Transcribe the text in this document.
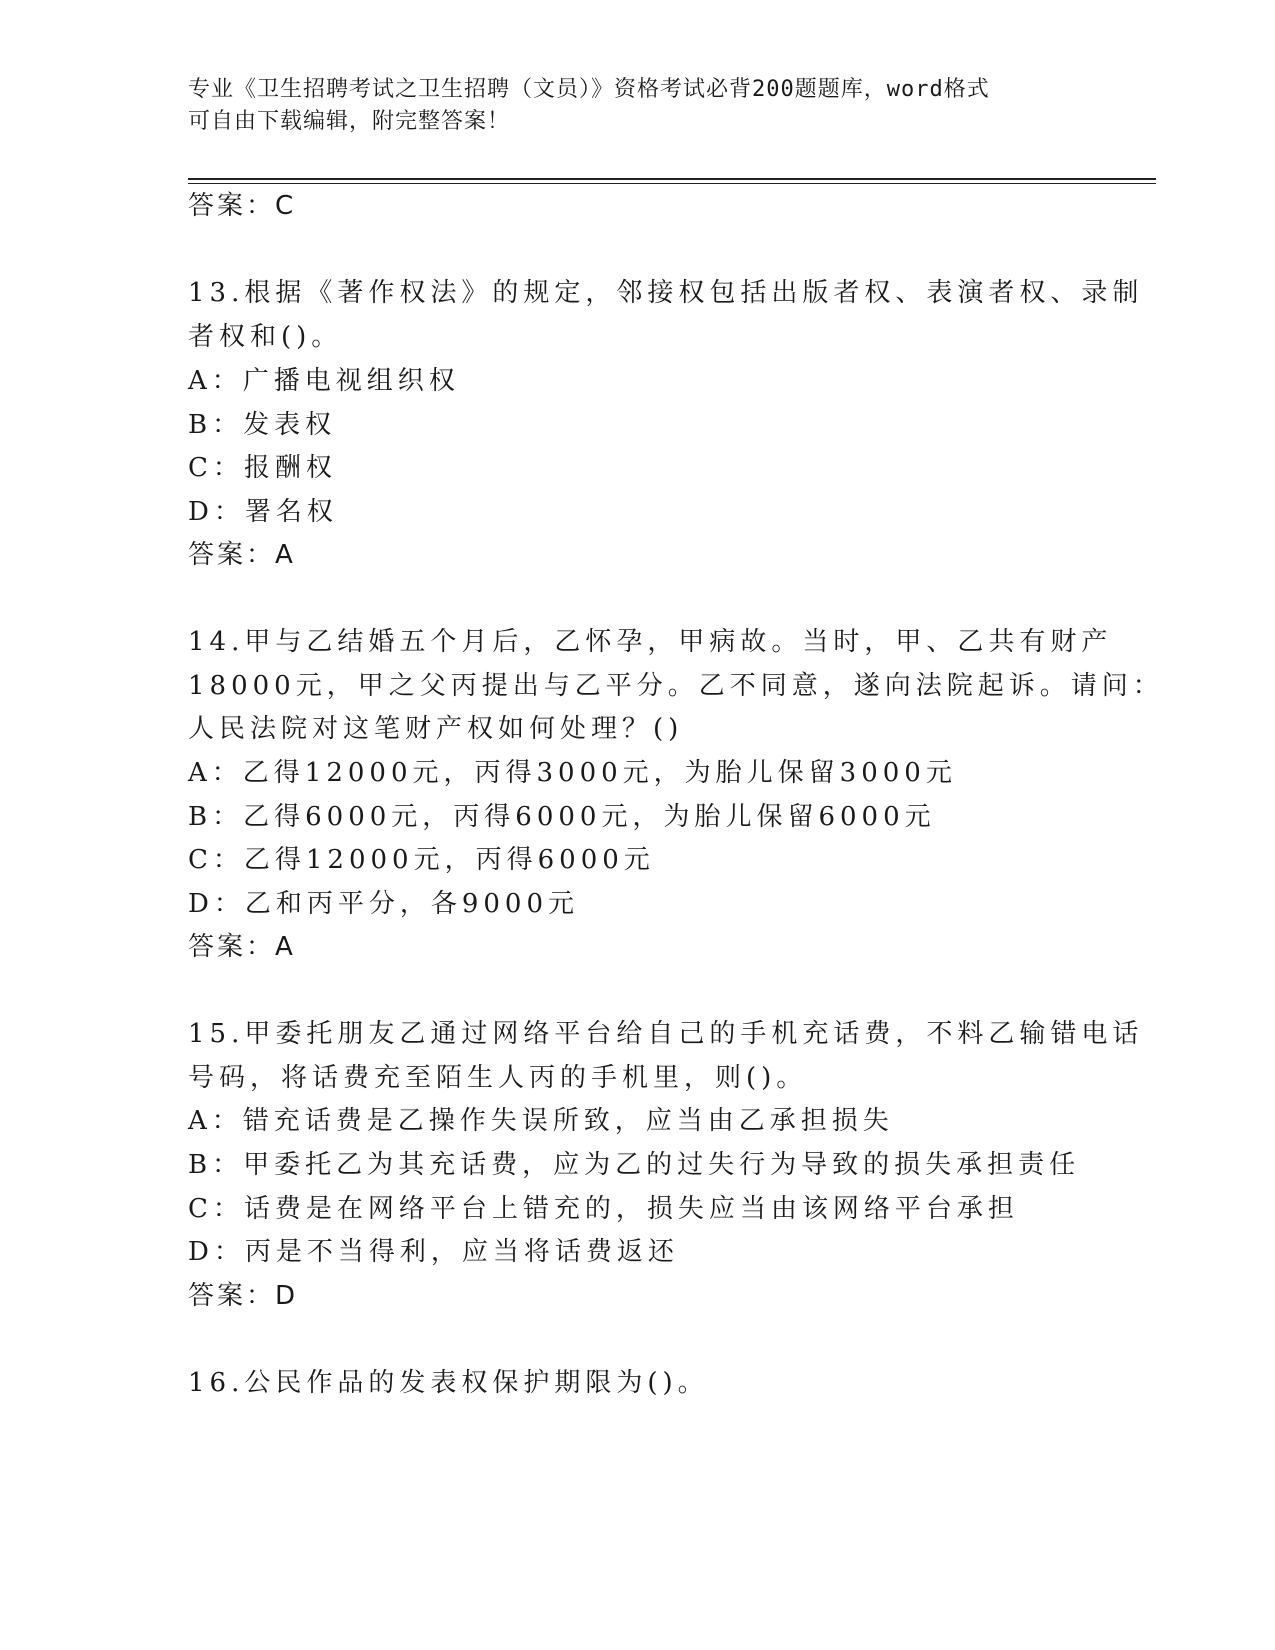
专业《卫生招聘考试之卫生招聘（文员）》资格考试必背200题题库，word格式
可自由下载编辑，附完整答案！
答案：C
13.根据《著作权法》的规定，邻接权包括出版者权、表演者权、录制
者权和()。
A：广播电视组织权
B：发表权
C：报酬权
D：署名权
答案：A
14.甲与乙结婚五个月后，乙怀孕，甲病故。当时，甲、乙共有财产
18000元，甲之父丙提出与乙平分。乙不同意，遂向法院起诉。请问：
人民法院对这笔财产权如何处理？()
A：乙得12000元，丙得3000元，为胎儿保留3000元
B：乙得6000元，丙得6000元，为胎儿保留6000元
C：乙得12000元，丙得6000元
D：乙和丙平分，各9000元
答案：A
15.甲委托朋友乙通过网络平台给自己的手机充话费，不料乙输错电话
号码，将话费充至陌生人丙的手机里，则()。
A：错充话费是乙操作失误所致，应当由乙承担损失
B：甲委托乙为其充话费，应为乙的过失行为导致的损失承担责任
C：话费是在网络平台上错充的，损失应当由该网络平台承担
D：丙是不当得利，应当将话费返还
答案：D
16.公民作品的发表权保护期限为()。
